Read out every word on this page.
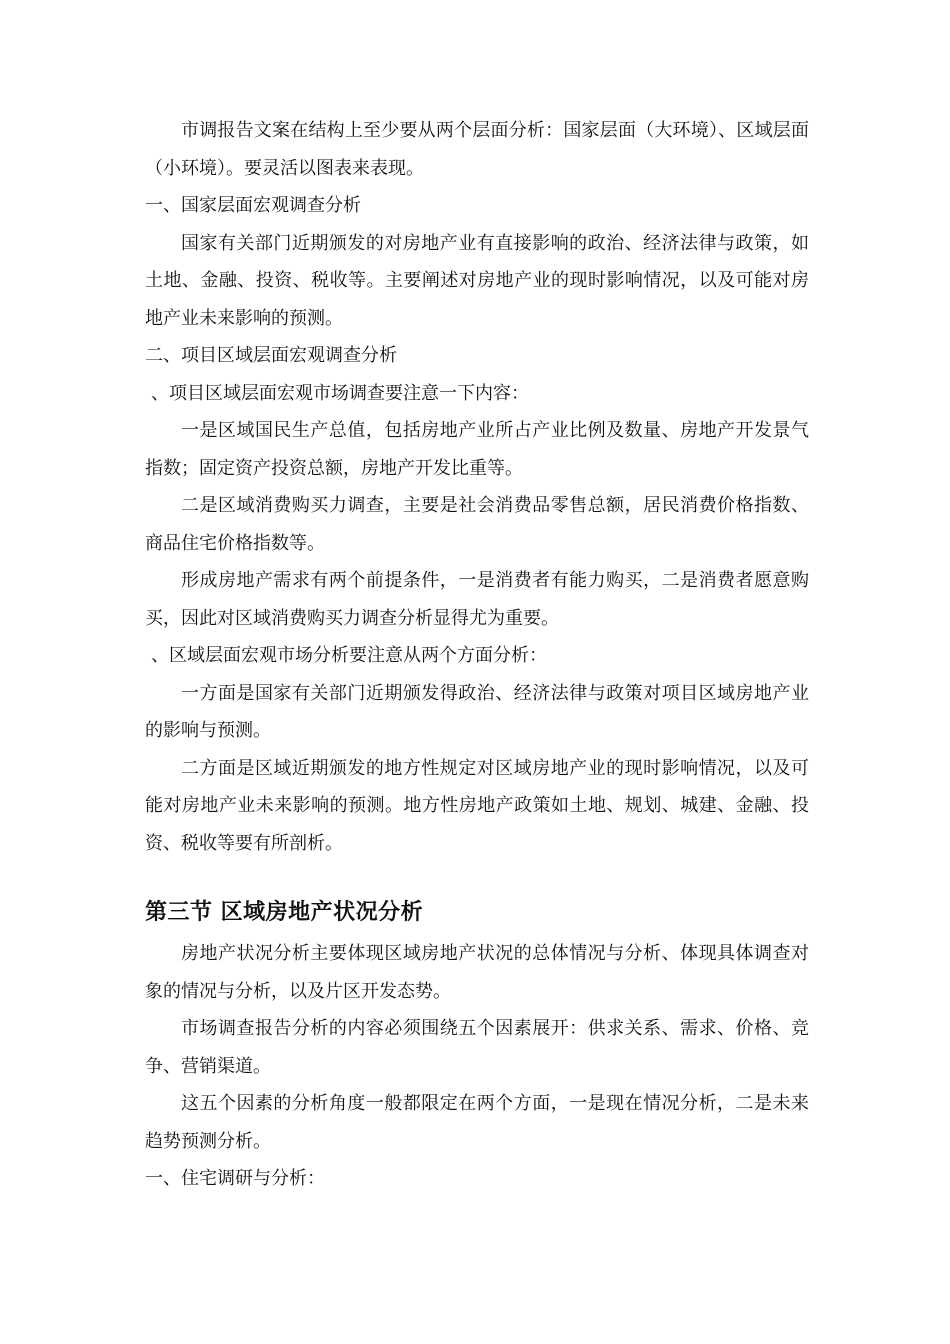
市调报告文案在结构上至少要从两个层面分析：国家层面（大环境）、区域层面（小环境）。要灵活以图表来表现。

一、国家层面宏观调查分析

国家有关部门近期颁发的对房地产业有直接影响的政治、经济法律与政策，如土地、金融、投资、税收等。主要阐述对房地产业的现时影响情况，以及可能对房地产业未来影响的预测。

二、项目区域层面宏观调查分析

、项目区域层面宏观市场调查要注意一下内容：

一是区域国民生产总值，包括房地产业所占产业比例及数量、房地产开发景气指数；固定资产投资总额，房地产开发比重等。

二是区域消费购买力调查，主要是社会消费品零售总额，居民消费价格指数、商品住宅价格指数等。

形成房地产需求有两个前提条件，一是消费者有能力购买，二是消费者愿意购买，因此对区域消费购买力调查分析显得尤为重要。

、区域层面宏观市场分析要注意从两个方面分析：

一方面是国家有关部门近期颁发得政治、经济法律与政策对项目区域房地产业的影响与预测。

二方面是区域近期颁发的地方性规定对区域房地产业的现时影响情况，以及可能对房地产业未来影响的预测。地方性房地产政策如土地、规划、城建、金融、投资、税收等要有所剖析。

第三节 区域房地产状况分析

房地产状况分析主要体现区域房地产状况的总体情况与分析、体现具体调查对象的情况与分析，以及片区开发态势。

市场调查报告分析的内容必须围绕五个因素展开：供求关系、需求、价格、竞争、营销渠道。

这五个因素的分析角度一般都限定在两个方面，一是现在情况分析，二是未来趋势预测分析。

一、住宅调研与分析：
